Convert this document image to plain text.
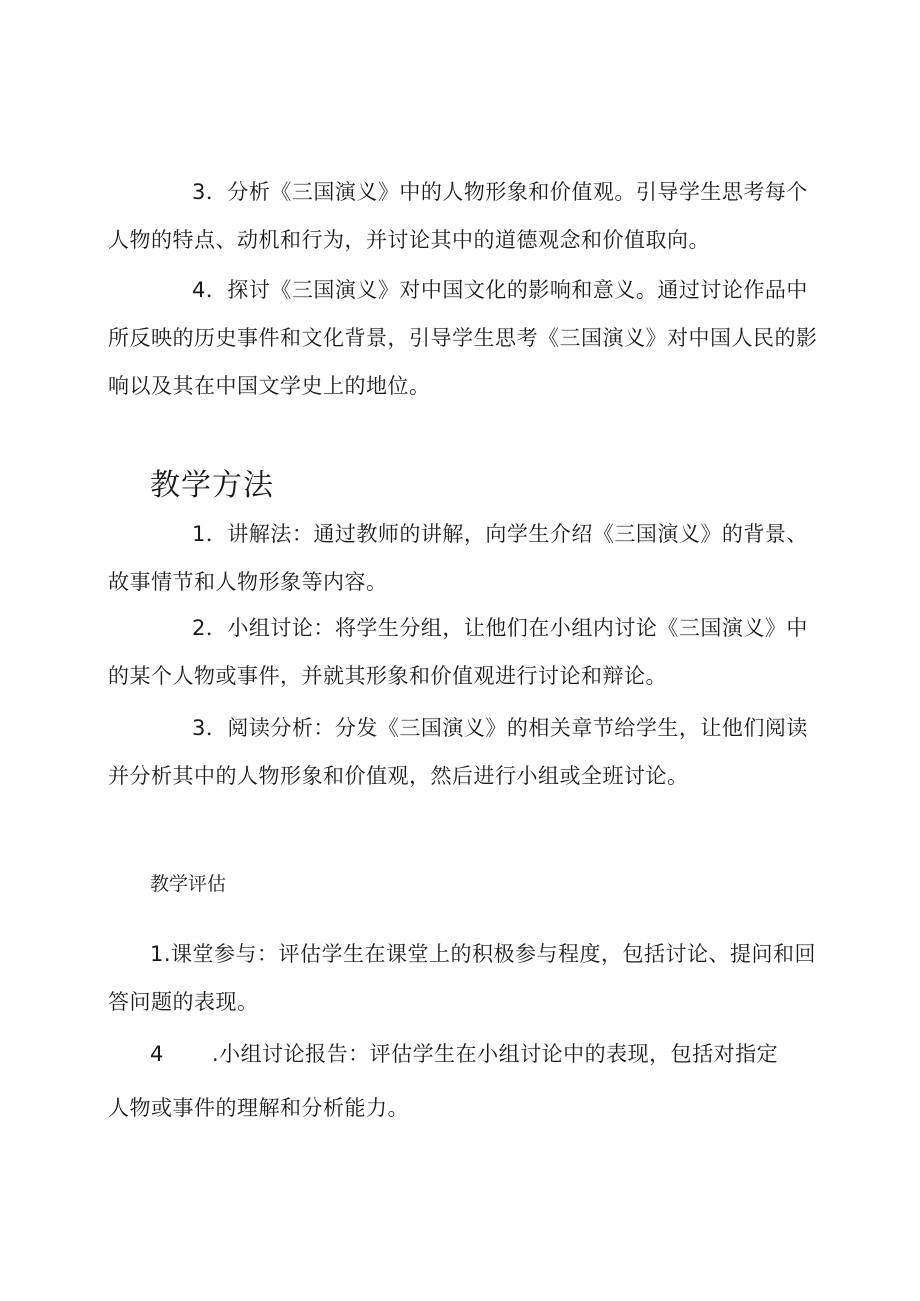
3．分析《三国演义》中的人物形象和价值观。引导学生思考每个人物的特点、动机和行为，并讨论其中的道德观念和价值取向。

4．探讨《三国演义》对中国文化的影响和意义。通过讨论作品中所反映的历史事件和文化背景，引导学生思考《三国演义》对中国人民的影响以及其在中国文学史上的地位。

教学方法

1．讲解法：通过教师的讲解，向学生介绍《三国演义》的背景、故事情节和人物形象等内容。

2．小组讨论：将学生分组，让他们在小组内讨论《三国演义》中的某个人物或事件，并就其形象和价值观进行讨论和辩论。

3．阅读分析：分发《三国演义》的相关章节给学生，让他们阅读并分析其中的人物形象和价值观，然后进行小组或全班讨论。

教学评估

1.课堂参与：评估学生在课堂上的积极参与程度，包括讨论、提问和回答问题的表现。

4 .小组讨论报告：评估学生在小组讨论中的表现，包括对指定
人物或事件的理解和分析能力。
